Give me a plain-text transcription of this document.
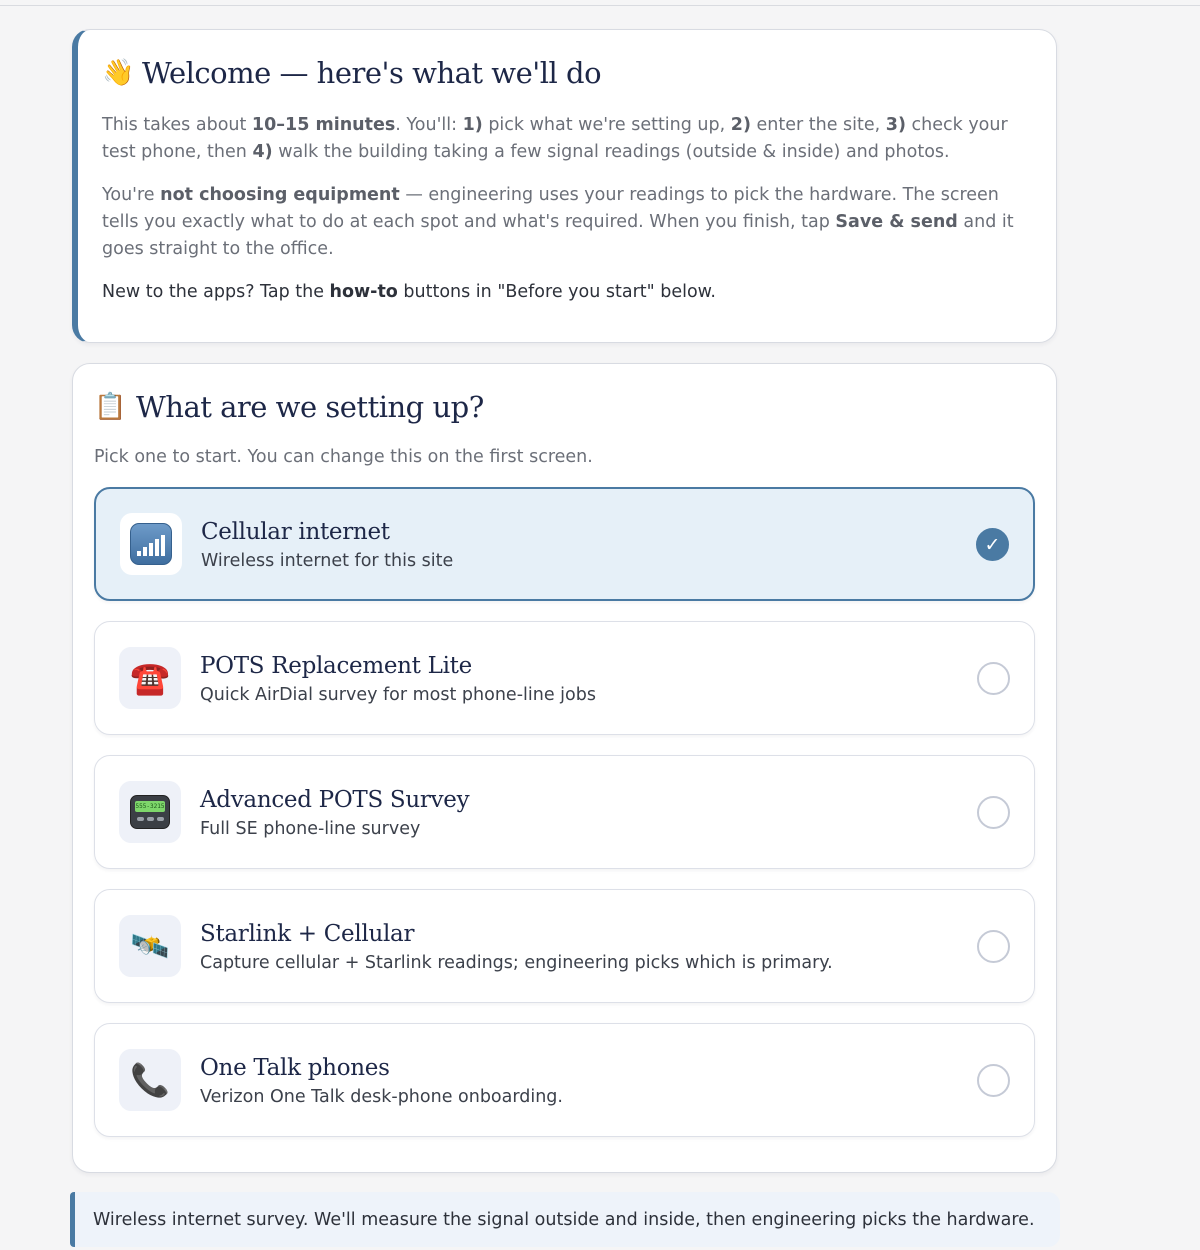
👋 Welcome — here's what we'll do

This takes about 10–15 minutes. You'll: 1) pick what we're setting up, 2) enter the site, 3) check your test phone, then 4) walk the building taking a few signal readings (outside & inside) and photos.

You're not choosing equipment — engineering uses your readings to pick the hardware. The screen tells you exactly what to do at each spot and what's required. When you finish, tap Save & send and it goes straight to the office.

New to the apps? Tap the how-to buttons in "Before you start" below.

📋 What are we setting up?

Pick one to start. You can change this on the first screen.

Cellular internet
Wireless internet for this site
✓
☎️ POTS Replacement Lite
Quick AirDial survey for most phone-line jobs
555-3215 Advanced POTS Survey
Full SE phone-line survey
🛰️ Starlink + Cellular
Capture cellular + Starlink readings; engineering picks which is primary.
📞 One Talk phones
Verizon One Talk desk-phone onboarding.
Wireless internet survey. We'll measure the signal outside and inside, then engineering picks the hardware.
